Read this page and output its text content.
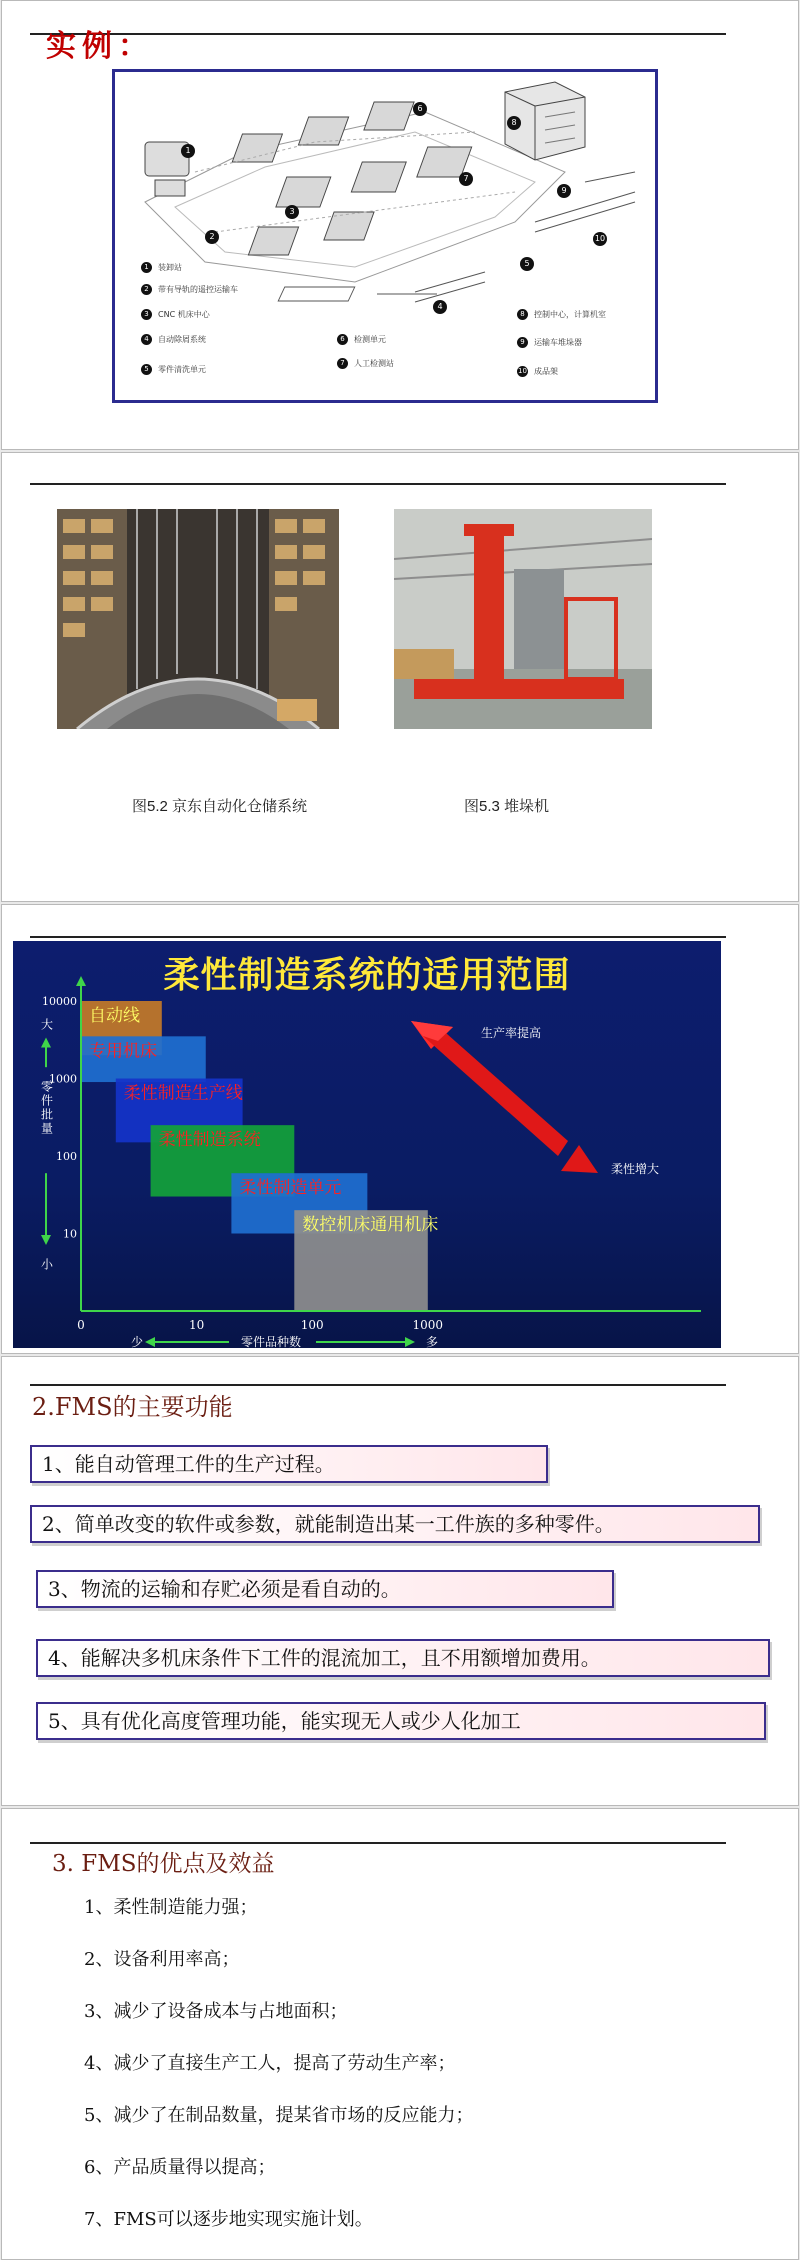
实例：
1
2
3
4
5
6
7
8
9
10
1 装卸站
2 带有导轨的遥控运输车
3 CNC 机床中心
4 自动除屑系统
5 零件清洗单元
6 检测单元
7 人工检测站
8 控制中心，计算机室
9 运输车堆垛器
10 成品架
图5.2 京东自动化仓储系统	图5.3 堆垛机
柔性制造系统的适用范围
自动线
专用机床
柔性制造生产线
柔性制造系统
柔性制造单元
数控机床通用机床
10000
1000
100
10
0	10	100	1000
大
小
零件批量
少	零件品种数	多
生产率提高
柔性增大
2.FMS的主要功能
1、能自动管理工件的生产过程。
2、简单改变的软件或参数，就能制造出某一工件族的多种零件。
3、物流的运输和存贮必须是看自动的。
4、能解决多机床条件下工件的混流加工，且不用额增加费用。
5、具有优化高度管理功能，能实现无人或少人化加工
3. FMS的优点及效益
1、柔性制造能力强；
2、设备利用率高；
3、减少了设备成本与占地面积；
4、减少了直接生产工人，提高了劳动生产率；
5、减少了在制品数量，提某省市场的反应能力；
6、产品质量得以提高；
7、FMS可以逐步地实现实施计划。
